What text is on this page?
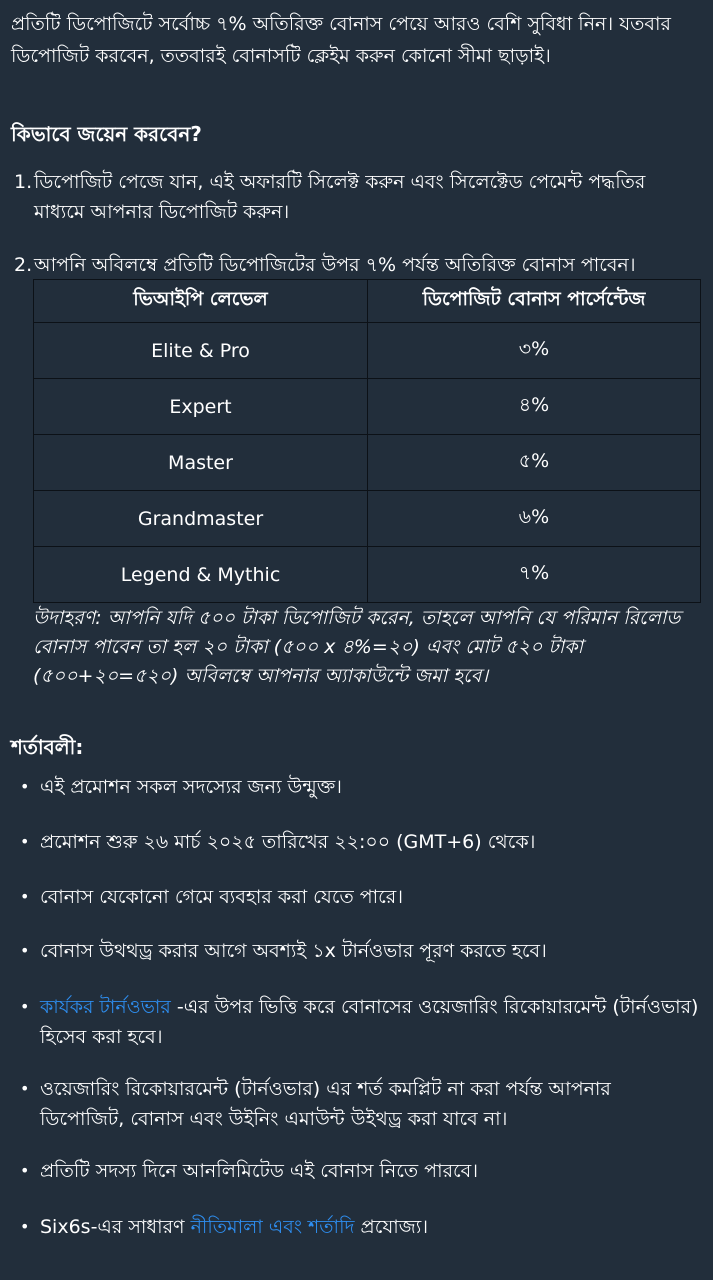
প্রতিটি ডিপোজিটে সর্বোচ্চ ৭% অতিরিক্ত বোনাস পেয়ে আরও বেশি সুবিধা নিন। যতবার ডিপোজিট করবেন, ততবারই বোনাসটি ক্লেইম করুন কোনো সীমা ছাড়াই।

কিভাবে জয়েন করবেন?
1. ডিপোজিট পেজে যান, এই অফারটি সিলেক্ট করুন এবং সিলেক্টেড পেমেন্ট পদ্ধতির মাধ্যমে আপনার ডিপোজিট করুন।
2. আপনি অবিলম্বে প্রতিটি ডিপোজিটের উপর ৭% পর্যন্ত অতিরিক্ত বোনাস পাবেন।
ভিআইপি লেভেল	ডিপোজিট বোনাস পার্সেন্টেজ
Elite & Pro	৩%
Expert	৪%
Master	৫%
Grandmaster	৬%
Legend & Mythic	৭%

উদাহরণ: আপনি যদি ৫০০ টাকা ডিপোজিট করেন, তাহলে আপনি যে পরিমান রিলোড বোনাস পাবেন তা হল ২০ টাকা (৫০০ x ৪%=২০) এবং মোট ৫২০ টাকা (৫০০+২০=৫২০) অবিলম্বে আপনার অ্যাকাউন্টে জমা হবে।

শর্তাবলী:
• এই প্রমোশন সকল সদস্যের জন্য উন্মুক্ত।
• প্রমোশন শুরু ২৬ মার্চ ২০২৫ তারিখের ২২:০০ (GMT+6) থেকে।
• বোনাস যেকোনো গেমে ব্যবহার করা যেতে পারে।
• বোনাস উথথড্র করার আগে অবশ্যই ১x টার্নওভার পূরণ করতে হবে।
• কার্যকর টার্নওভার -এর উপর ভিত্তি করে বোনাসের ওয়েজারিং রিকোয়ারমেন্ট (টার্নওভার) হিসেব করা হবে।
• ওয়েজারিং রিকোয়ারমেন্ট (টার্নওভার) এর শর্ত কমপ্লিট না করা পর্যন্ত আপনার ডিপোজিট, বোনাস এবং উইনিং এমাউন্ট উইথড্র করা যাবে না।
• প্রতিটি সদস্য দিনে আনলিমিটেড এই বোনাস নিতে পারবে।
• Six6s-এর সাধারণ নীতিমালা এবং শর্তাদি প্রযোজ্য।
